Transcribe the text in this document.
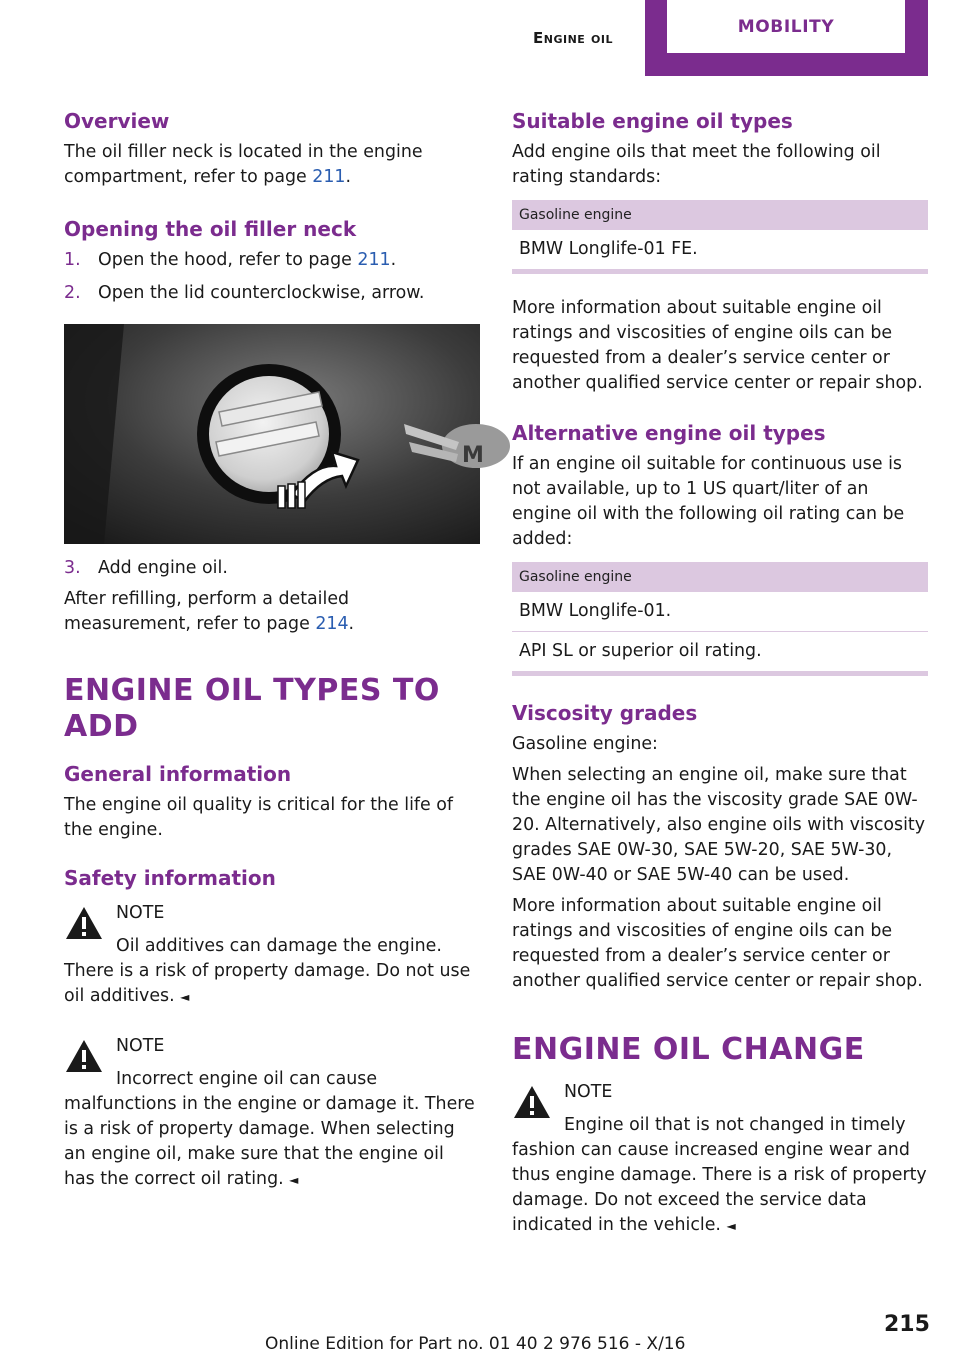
Engine oil
MOBILITY
Overview

The oil filler neck is located in the engine compartment, refer to page 211.

Opening the oil filler neck
1.	Open the hood, refer to page 211.
2.	Open the lid counterclockwise, arrow.
M
3.	Add engine oil.

After refilling, perform a detailed measurement, refer to page 214.

ENGINE OIL TYPES TO ADD
General information

The engine oil quality is critical for the life of the engine.

Safety information
NOTE

Oil additives can damage the engine. There is a risk of property damage. Do not use oil additives. ◄

NOTE

Incorrect engine oil can cause malfunctions in the engine or damage it. There is a risk of property damage. When selecting an engine oil, make sure that the engine oil has the correct oil rating. ◄

Suitable engine oil types

Add engine oils that meet the following oil rating standards:

Gasoline engine
BMW Longlife-01 FE.

More information about suitable engine oil ratings and viscosities of engine oils can be requested from a dealer’s service center or another qualified service center or repair shop.

Alternative engine oil types

If an engine oil suitable for continuous use is not available, up to 1 US quart/liter of an engine oil with the following oil rating can be added:

Gasoline engine
BMW Longlife-01.
API SL or superior oil rating.
Viscosity grades

Gasoline engine:

When selecting an engine oil, make sure that the engine oil has the viscosity grade SAE 0W-20. Alternatively, also engine oils with viscosity grades SAE 0W-30, SAE 5W-20, SAE 5W-30, SAE 0W-40 or SAE 5W-40 can be used.

More information about suitable engine oil ratings and viscosities of engine oils can be requested from a dealer’s service center or another qualified service center or repair shop.

ENGINE OIL CHANGE
NOTE

Engine oil that is not changed in timely fashion can cause increased engine wear and thus engine damage. There is a risk of property damage. Do not exceed the service data indicated in the vehicle. ◄

215
Online Edition for Part no. 01 40 2 976 516 - X/16
